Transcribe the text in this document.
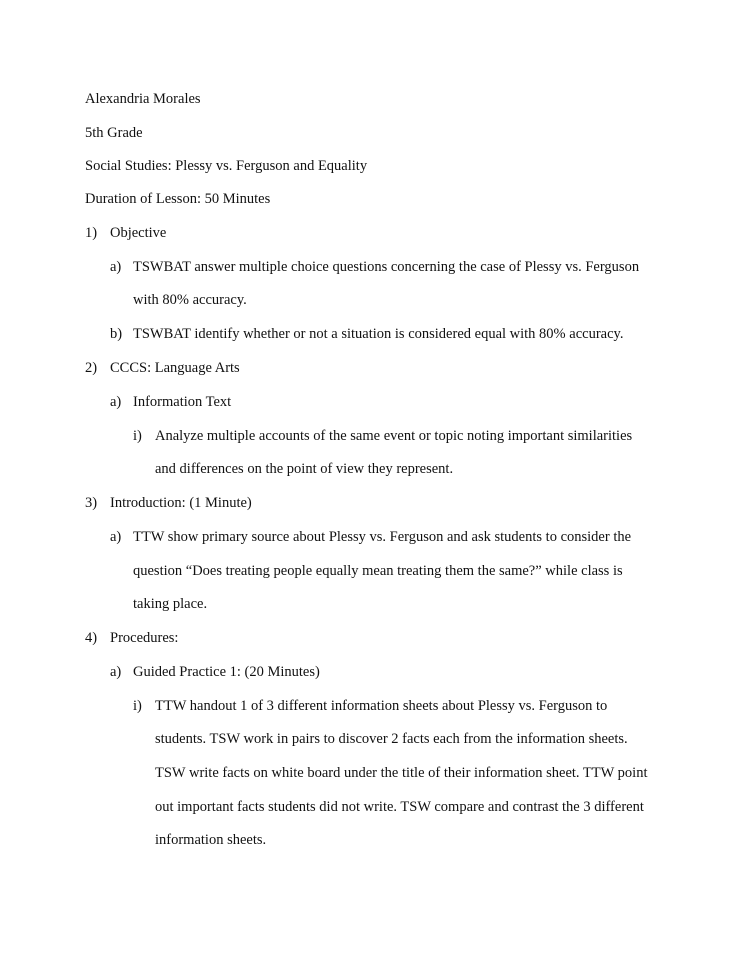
Alexandria Morales
5th Grade
Social Studies: Plessy vs. Ferguson and Equality
Duration of Lesson: 50 Minutes
1) Objective
a) TSWBAT answer multiple choice questions concerning the case of Plessy vs. Ferguson
with 80% accuracy.
b) TSWBAT identify whether or not a situation is considered equal with 80% accuracy.
2) CCCS: Language Arts
a) Information Text
i) Analyze multiple accounts of the same event or topic noting important similarities
and differences on the point of view they represent.
3) Introduction: (1 Minute)
a) TTW show primary source about Plessy vs. Ferguson and ask students to consider the
question “Does treating people equally mean treating them the same?” while class is
taking place.
4) Procedures:
a) Guided Practice 1: (20 Minutes)
i) TTW handout 1 of 3 different information sheets about Plessy vs. Ferguson to
students. TSW work in pairs to discover 2 facts each from the information sheets.
TSW write facts on white board under the title of their information sheet. TTW point
out important facts students did not write. TSW compare and contrast the 3 different
information sheets.
